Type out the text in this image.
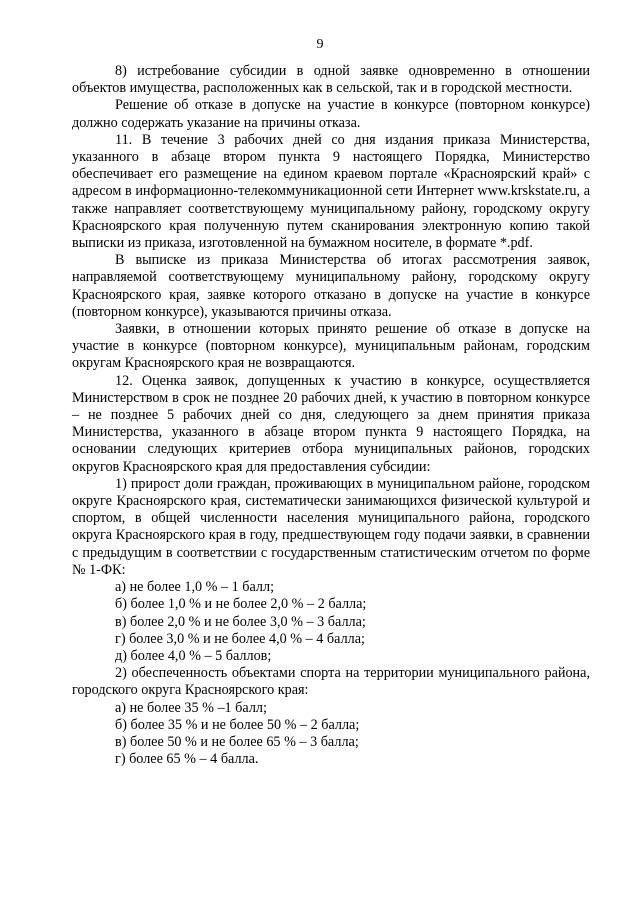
9

8) истребование субсидии в одной заявке одновременно в отношении объектов имущества, расположенных как в сельской, так и в городской местности.

Решение об отказе в допуске на участие в конкурсе (повторном конкурсе) должно содержать указание на причины отказа.

11. В течение 3 рабочих дней со дня издания приказа Министерства, указанного в абзаце втором пункта 9 настоящего Порядка, Министерство обеспечивает его размещение на едином краевом портале «Красноярский край» с адресом в информационно-телекоммуникационной сети Интернет www.krskstate.ru, а также направляет соответствующему муниципальному району, городскому округу Красноярского края полученную путем сканирования электронную копию такой выписки из приказа, изготовленной на бумажном носителе, в формате *.pdf.

В выписке из приказа Министерства об итогах рассмотрения заявок, направляемой соответствующему муниципальному району, городскому округу Красноярского края, заявке которого отказано в допуске на участие в конкурсе (повторном конкурсе), указываются причины отказа.

Заявки, в отношении которых принято решение об отказе в допуске на участие в конкурсе (повторном конкурсе), муниципальным районам, городским округам Красноярского края не возвращаются.

12. Оценка заявок, допущенных к участию в конкурсе, осуществляется Министерством в срок не позднее 20 рабочих дней, к участию в повторном конкурсе – не позднее 5 рабочих дней со дня, следующего за днем принятия приказа Министерства, указанного в абзаце втором пункта 9 настоящего Порядка, на основании следующих критериев отбора муниципальных районов, городских округов Красноярского края для предоставления субсидии:

1) прирост доли граждан, проживающих в муниципальном районе, городском округе Красноярского края, систематически занимающихся физической культурой и спортом, в общей численности населения муниципального района, городского округа Красноярского края в году, предшествующем году подачи заявки, в сравнении с предыдущим в соответствии с государственным статистическим отчетом по форме № 1-ФК:

а) не более 1,0 % – 1 балл;

б) более 1,0 % и не более 2,0 % – 2 балла;

в) более 2,0 % и не более 3,0 % – 3 балла;

г) более 3,0 % и не более 4,0 % – 4 балла;

д) более 4,0 % – 5 баллов;

2) обеспеченность объектами спорта на территории муниципального района, городского округа Красноярского края:

а) не более 35 % –1 балл;

б) более 35 % и не более 50 % – 2 балла;

в) более 50 % и не более 65 % – 3 балла;

г) более 65 % – 4 балла.
